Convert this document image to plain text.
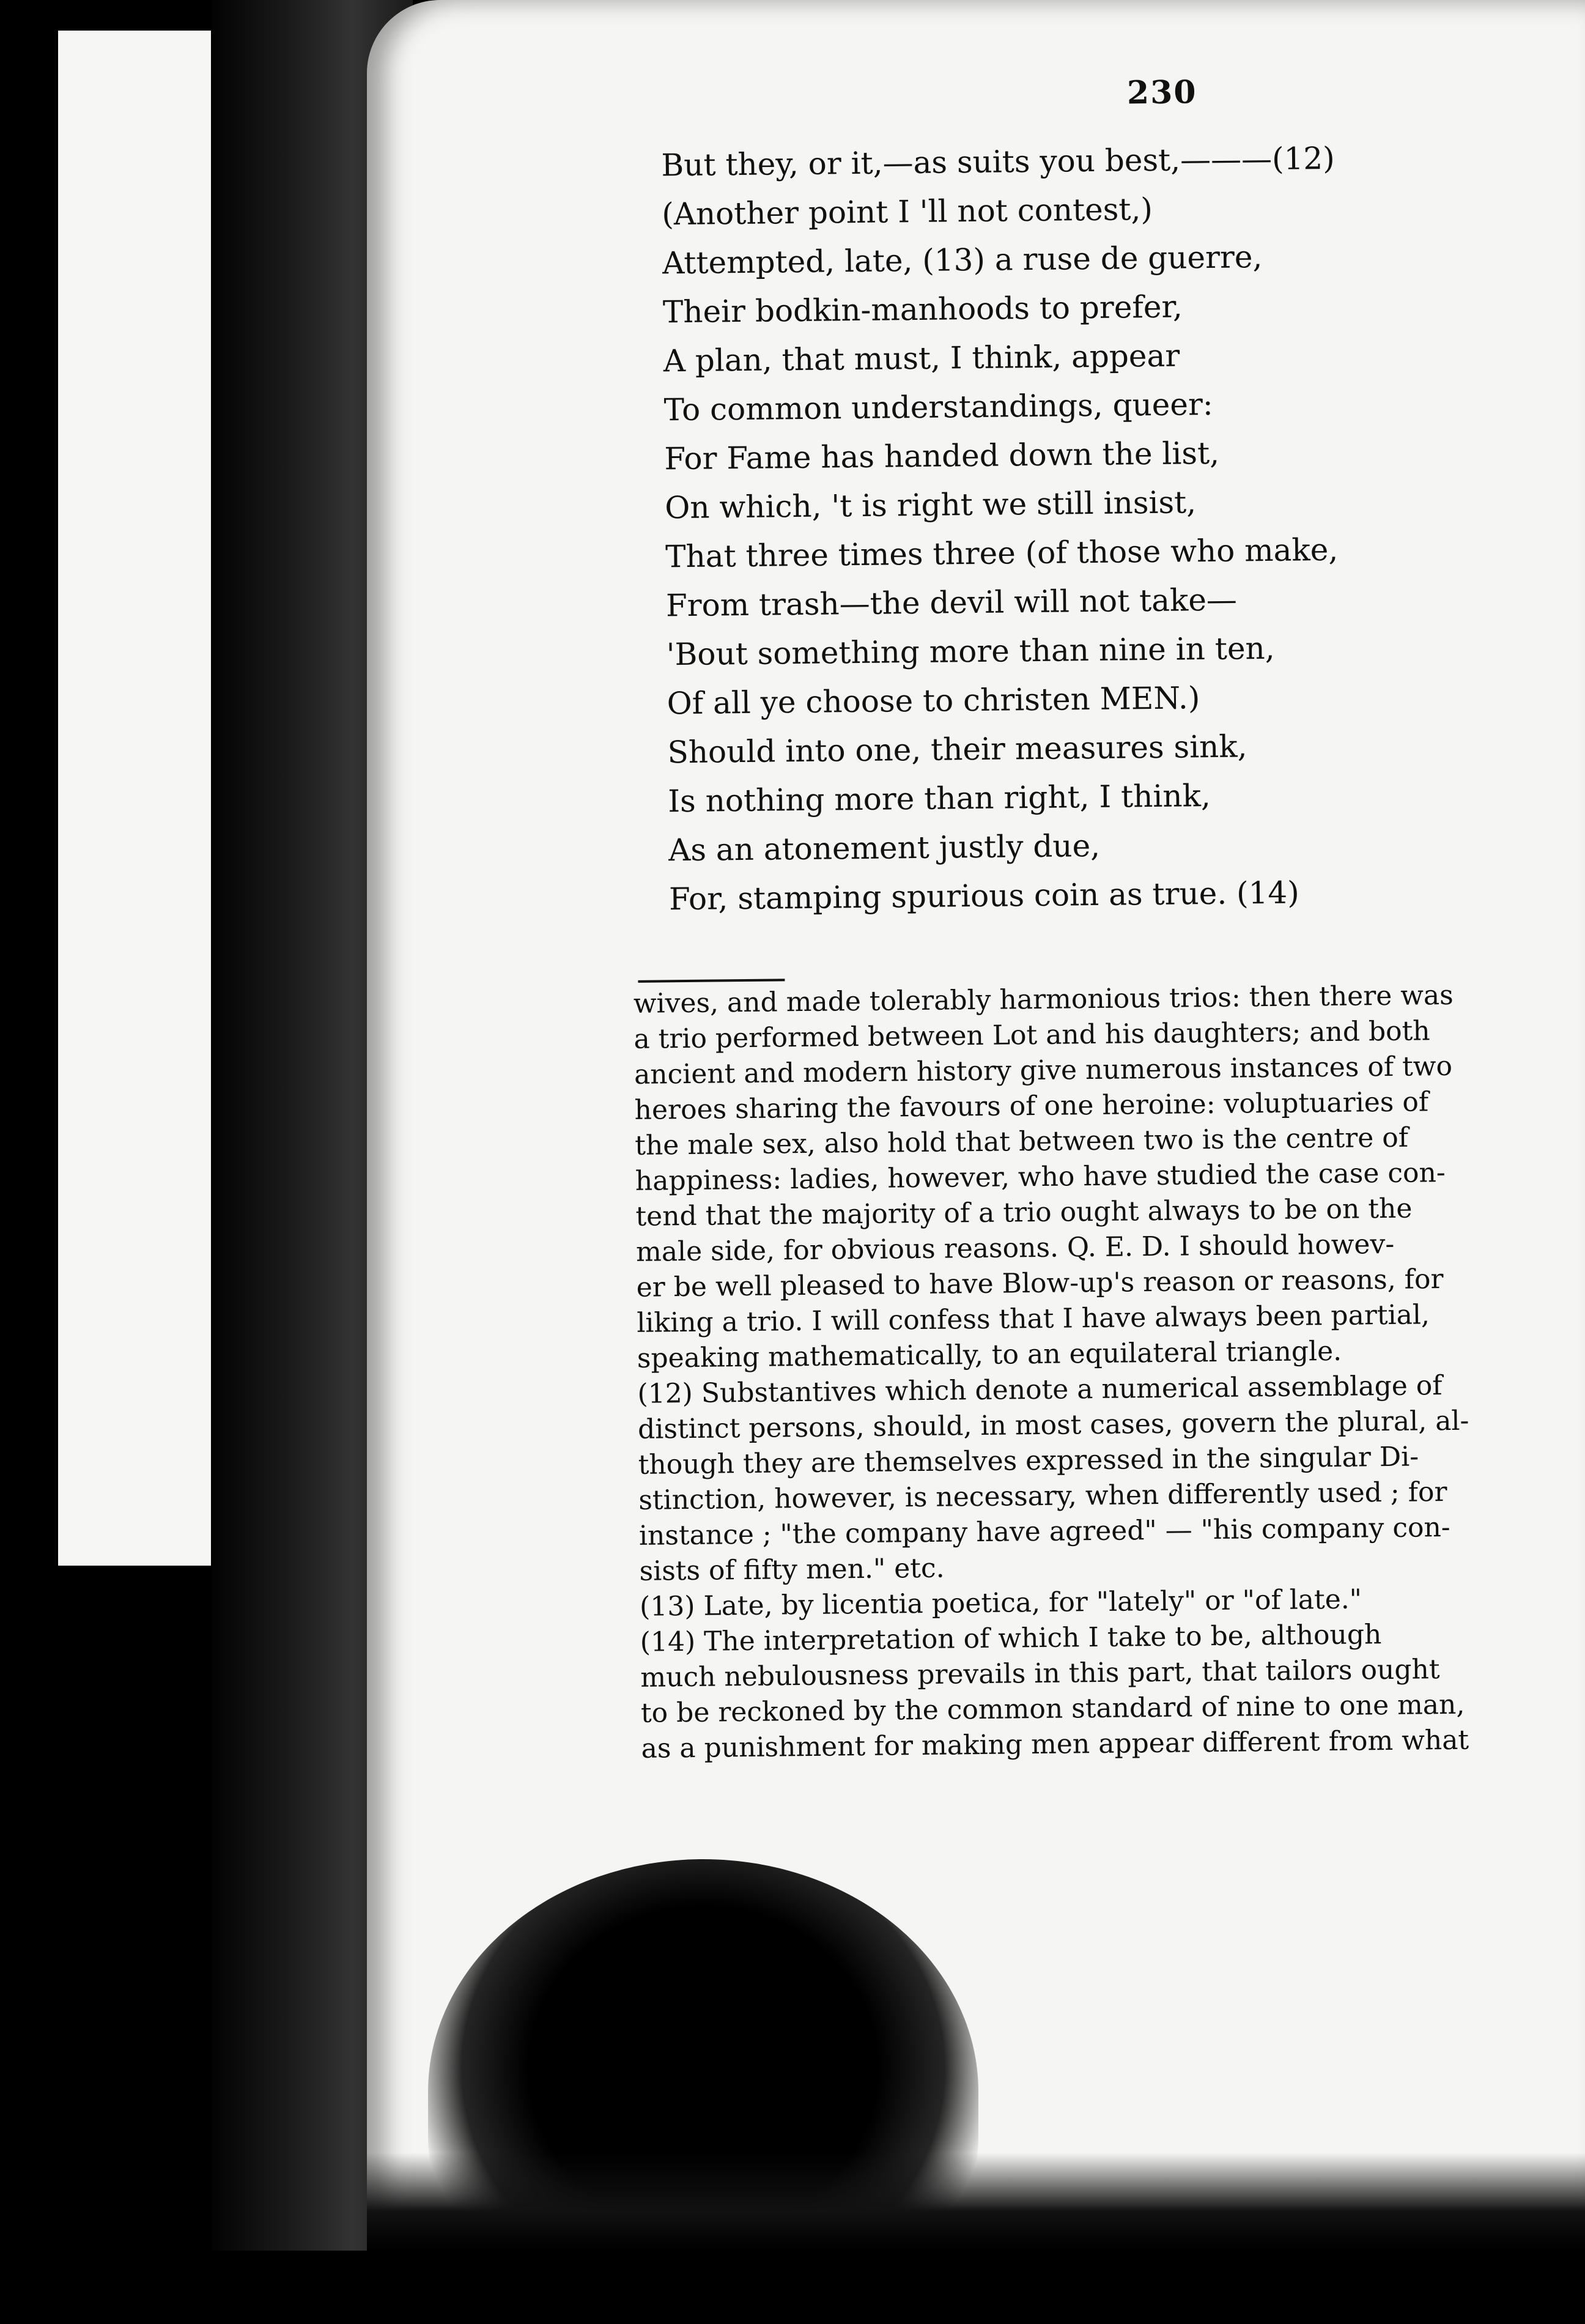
230
But they, or it,—as suits you best,———(12)
(Another point I 'll not contest,)
Attempted, late, (13) a ruse de guerre,
Their bodkin-manhoods to prefer,
A plan, that must, I think, appear
To common understandings, queer:
For Fame has handed down the list,
On which, 't is right we still insist,
That three times three (of those who make,
From trash—the devil will not take—
'Bout something more than nine in ten,
Of all ye choose to christen MEN.)
Should into one, their measures sink,
Is nothing more than right, I think,
As an atonement justly due,
For, stamping spurious coin as true. (14)
wives, and made tolerably harmonious trios: then there was
a trio performed between Lot and his daughters; and both
ancient and modern history give numerous instances of two
heroes sharing the favours of one heroine: voluptuaries of
the male sex, also hold that between two is the centre of
happiness: ladies, however, who have studied the case con-
tend that the majority of a trio ought always to be on the
male side, for obvious reasons. Q. E. D. I should howev-
er be well pleased to have Blow-up's reason or reasons, for
liking a trio. I will confess that I have always been partial,
speaking mathematically, to an equilateral triangle.
(12) Substantives which denote a numerical assemblage of
distinct persons, should, in most cases, govern the plural, al-
though they are themselves expressed in the singular Di-
stinction, however, is necessary, when differently used ; for
instance ; "the company have agreed" — "his company con-
sists of fifty men." etc.
(13) Late, by licentia poetica, for "lately" or "of late."
(14) The interpretation of which I take to be, although
much nebulousness prevails in this part, that tailors ought
to be reckoned by the common standard of nine to one man,
as a punishment for making men appear different from what
